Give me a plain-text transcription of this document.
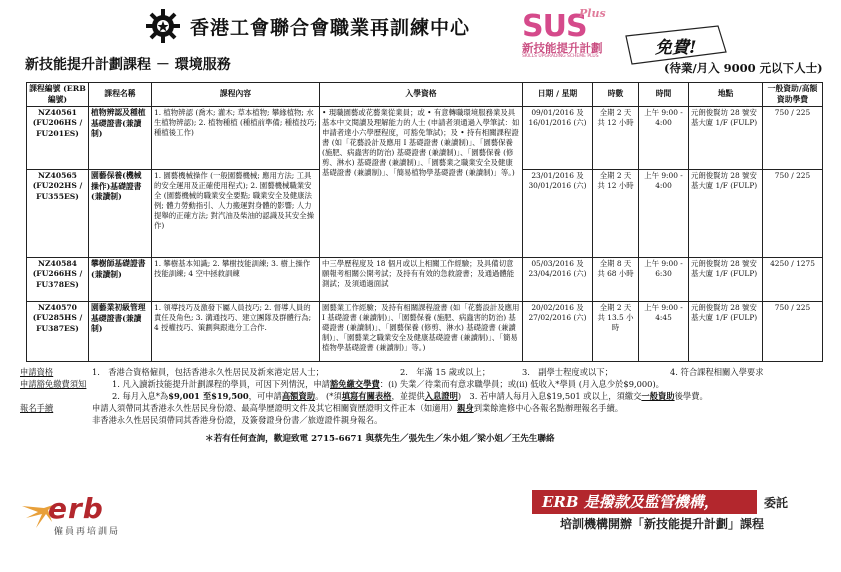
香港工會聯合會職業再訓練中心 SUS
Plus
新技能提升計劃
SKILLS UPGRADING SCHEME PLUS	免費!
(待業/月入 9000 元以下人士)
新技能提升計劃課程 － 環境服務
課程編號 (ERB 編號)	課程名稱	課程內容	入學資格	日期 / 星期	時數	時間	地點	一般資助/高額資助學費
NZ40561 (FU206HS / FU201ES)	植物辨認及種植基礎證書(兼讀制)	1. 植物辨認 (喬木; 灌木; 草本植物; 攀緣植物; 水生植物辨認); 2. 植物種植 (種植前準備; 種植技巧; 種植後工作)	• 現職園藝或花藝業從業員；或 • 有意轉職環境服務業及具基本中文閱讀及理解能力的人士 (申請者須通過入學筆試：如申請者達小六學歷程度，可豁免筆試)；及 • 持有相關課程證書 (如「花藝設計及應用 I 基礎證書 (兼讀制)」、「園藝保養 (施肥、病蟲害的防治) 基礎證書 (兼讀制)」、「園藝保養 (修剪、淋水) 基礎證書 (兼讀制)」、「園藝業之職業安全及健康基礎證書 (兼讀制)」、「簡易植物學基礎證書 (兼讀制)」等。)	09/01/2016 及 16/01/2016 (六)	全期 2 天 共 12 小時	上午 9:00 - 4:00	元朗俊賢坊 28 號安基大廈 1/F (FULP)	750 / 225
NZ40565 (FU202HS / FU355ES)	園藝保養(機械操作)基礎證書(兼讀制)	1. 園藝機械操作 (一般園藝機械; 應用方法; 工具的安全運用及正確使用程式); 2. 園藝機械職業安全 (園藝機械的職業安全要點; 職業安全及健康法例; 體力勞動指引、人力搬運對身體的影響; 人力提舉的正確方法; 對汽油及柴油的認識及其安全操作)		23/01/2016 及 30/01/2016 (六)	全期 2 天 共 12 小時	上午 9:00 - 4:00	元朗俊賢坊 28 號安基大廈 1/F (FULP)	750 / 225
NZ40584 (FU266HS / FU378ES)	攀樹師基礎證書 (兼讀制)	1. 攀樹基本知識; 2. 攀樹技能訓練; 3. 樹上操作技能訓練; 4 空中拯救訓練	中三學歷程度及 18 個月或以上相關工作經驗；及具備切意願報考相關公開考試；及持有有效的急救證書；及通過體能測試；及須通過面試	05/03/2016 及 23/04/2016 (六)	全期 8 天 共 68 小時	上午 9:00 - 6:30	元朗俊賢坊 28 號安基大廈 1/F (FULP)	4250 / 1275
NZ40570 (FU285HS / FU387ES)	園藝業初級管理基礎證書(兼讀制)	1. 領導技巧及激發下屬人員技巧; 2. 督導人員的責任及角色; 3. 溝通技巧、建立團隊及群體行為; 4 授權技巧、策劃與跟進分工合作.	園藝業工作經驗；及持有相關課程證書 (如「花藝設計及應用 I 基礎證書 (兼讀制)」、「園藝保養 (施肥、病蟲害的防治) 基礎證書 (兼讀制)」、「園藝保養 (修剪、淋水) 基礎證書 (兼讀制)」、「園藝業之職業安全及健康基礎證書 (兼讀制)」、「簡易植物學基礎證書 (兼讀制)」等。)	20/02/2016 及 27/02/2016 (六)	全期 2 天 共 13.5 小時	上午 9:00 - 4:45	元朗俊賢坊 28 號安基大廈 1/F (FULP)	750 / 225
申請資格	1.　香港合資格僱員，包括香港永久性居民及新來港定居人士；	2.　年滿 15 歲或以上；	3.　副學士程度或以下；	4. 符合課程相關入學要求
申請豁免繳費須知	1. 凡入讀新技能提升計劃課程的學員，可因下列情況，申請豁免繳交學費：(i) 失業／待業而有意求職學員；或(ii) 低收入*學員 (月入息少於$9,000)。
2. 每月入息*為$9,001 至$19,500，可申請高額資助。 (*須填寫有關表格，並提供入息證明)　3. 若申請人每月入息$19,501 或以上，須繳交一般資助後學費。
報名手續	申請人須帶同其香港永久性居民身份證、最高學歷證明文件及其它相關資歷證明文件正本（如適用）親身到業餘進修中心各報名點辦理報名手續。
非香港永久性居民須帶同其香港身份證，及簽發證身份書／旅遊證件親身報名。
＊若有任何查詢，歡迎致電 2715-6671 與蔡先生／張先生／朱小姐／梁小姐／王先生聯絡
erb
僱員再培訓局
ERB 是撥款及監管機構，	委託
培訓機構開辦「新技能提升計劃」課程
